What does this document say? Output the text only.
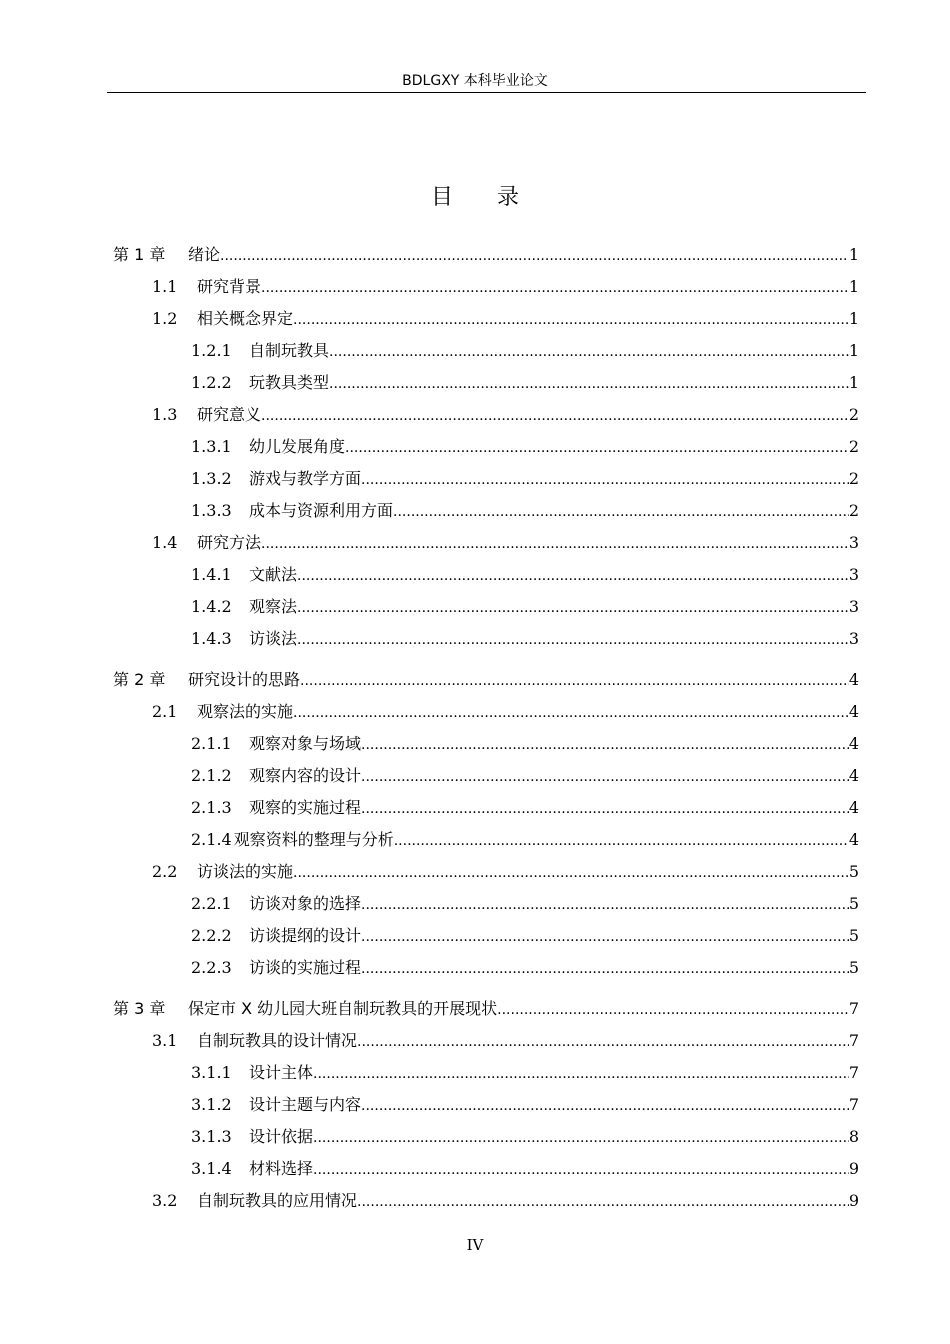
BDLGXY 本科毕业论文
目录
第 1 章	绪论 .....	1
1.1	研究背景 .....	1
1.2	相关概念界定 .....	1
1.2.1	自制玩教具 .....	1
1.2.2	玩教具类型 .....	1
1.3	研究意义 .....	2
1.3.1	幼儿发展角度 .....	2
1.3.2	游戏与教学方面 .....	2
1.3.3	成本与资源利用方面 .....	2
1.4	研究方法 .....	3
1.4.1	文献法 .....	3
1.4.2	观察法 .....	3
1.4.3	访谈法 .....	3
第 2 章	研究设计的思路 .....	4
2.1	观察法的实施 .....	4
2.1.1	观察对象与场域 .....	4
2.1.2	观察内容的设计 .....	4
2.1.3	观察的实施过程 .....	4
2.1.4 观察资料的整理与分析 .....	4
2.2	访谈法的实施 .....	5
2.2.1	访谈对象的选择 .....	5
2.2.2	访谈提纲的设计 .....	5
2.2.3	访谈的实施过程 .....	5
第 3 章	保定市 X 幼儿园大班自制玩教具的开展现状 .....	7
3.1	自制玩教具的设计情况 .....	7
3.1.1	设计主体 .....	7
3.1.2	设计主题与内容 .....	7
3.1.3	设计依据 .....	8
3.1.4	材料选择 .....	9
3.2	自制玩教具的应用情况 .....	9
IV
